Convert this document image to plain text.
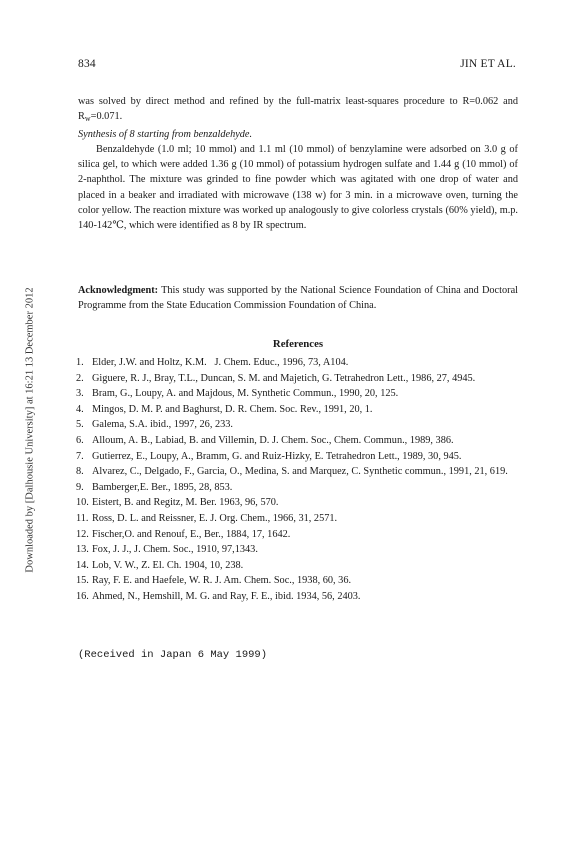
834	JIN ET AL.
Downloaded by [Dalhousie University] at 16:21 13 December 2012

was solved by direct method and refined by the full-matrix least-squares procedure to R=0.062 and $R_w=0.071$.

Synthesis of 8 starting from benzaldehyde.

Benzaldehyde (1.0 ml; 10 mmol) and 1.1 ml (10 mmol) of benzylamine were adsorbed on 3.0 g of silica gel, to which were added 1.36 g (10 mmol) of potassium hydrogen sulfate and 1.44 g (10 mmol) of 2-naphthol. The mixture was grinded to fine powder which was agitated with one drop of water and placed in a beaker and irradiated with microwave (138 w) for 3 min. in a microwave oven, turning the color yellow. The reaction mixture was worked up analogously to give colorless crystals (60% yield), m.p. 140-142℃, which were identified as 8 by IR spectrum.

Acknowledgment: This study was supported by the National Science Foundation of China and Doctoral Programme from the State Education Commission Foundation of China.
References
1. Elder, J.W. and Holtz, K.M.   J. Chem. Educ., 1996, 73, A104.
2. Giguere, R. J., Bray, T.L., Duncan, S. M. and Majetich, G. Tetrahedron Lett., 1986, 27, 4945.
3. Bram, G., Loupy, A. and Majdous, M. Synthetic Commun., 1990, 20, 125.
4. Mingos, D. M. P. and Baghurst, D. R. Chem. Soc. Rev., 1991, 20, 1.
5. Galema, S.A. ibid., 1997, 26, 233.
6. Alloum, A. B., Labiad, B. and Villemin, D. J. Chem. Soc., Chem. Commun., 1989, 386.
7. Gutierrez, E., Loupy, A., Bramm, G. and Ruiz-Hizky, E. Tetrahedron Lett., 1989, 30, 945.
8. Alvarez, C., Delgado, F., Garcia, O., Medina, S. and Marquez, C. Synthetic commun., 1991, 21, 619.
9. Bamberger,E. Ber., 1895, 28, 853.
10. Eistert, B. and Regitz, M. Ber. 1963, 96, 570.
11. Ross, D. L. and Reissner, E. J. Org. Chem., 1966, 31, 2571.
12. Fischer,O. and Renouf, E., Ber., 1884, 17, 1642.
13. Fox, J. J., J. Chem. Soc., 1910, 97,1343.
14. Lob, V. W., Z. El. Ch. 1904, 10, 238.
15. Ray, F. E. and Haefele, W. R. J. Am. Chem. Soc., 1938, 60, 36.
16. Ahmed, N., Hemshill, M. G. and Ray, F. E., ibid. 1934, 56, 2403.
(Received in Japan 6 May 1999)
